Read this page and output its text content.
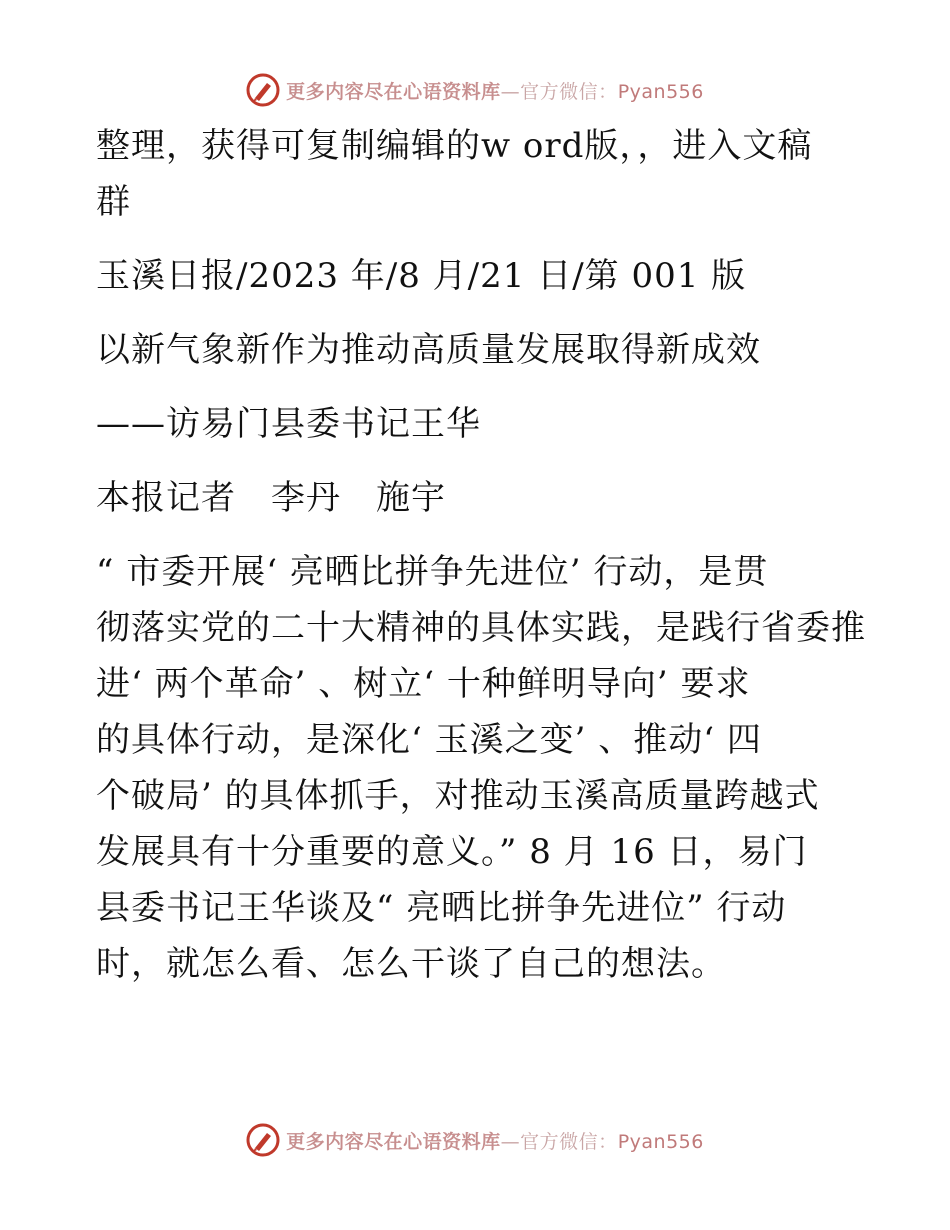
更多内容尽在心语资料库—官方微信：Pyan556

整理，获得可复制编辑的w ord版，，进入文稿

群

玉溪日报/2023 年/8 月/21 日/第 001 版

以新气象新作为推动高质量发展取得新成效

——访易门县委书记王华

本报记者　李丹　施宇

“ 市委开展‘ 亮晒比拼争先进位’ 行动，是贯

彻落实党的二十大精神的具体实践，是践行省委推

进‘ 两个革命’ 、树立‘ 十种鲜明导向’ 要求

的具体行动，是深化‘ 玉溪之变’ 、推动‘ 四

个破局’ 的具体抓手，对推动玉溪高质量跨越式

发展具有十分重要的意义。” 8 月 16 日，易门

县委书记王华谈及“ 亮晒比拼争先进位” 行动

时，就怎么看、怎么干谈了自己的想法。

更多内容尽在心语资料库—官方微信：Pyan556
